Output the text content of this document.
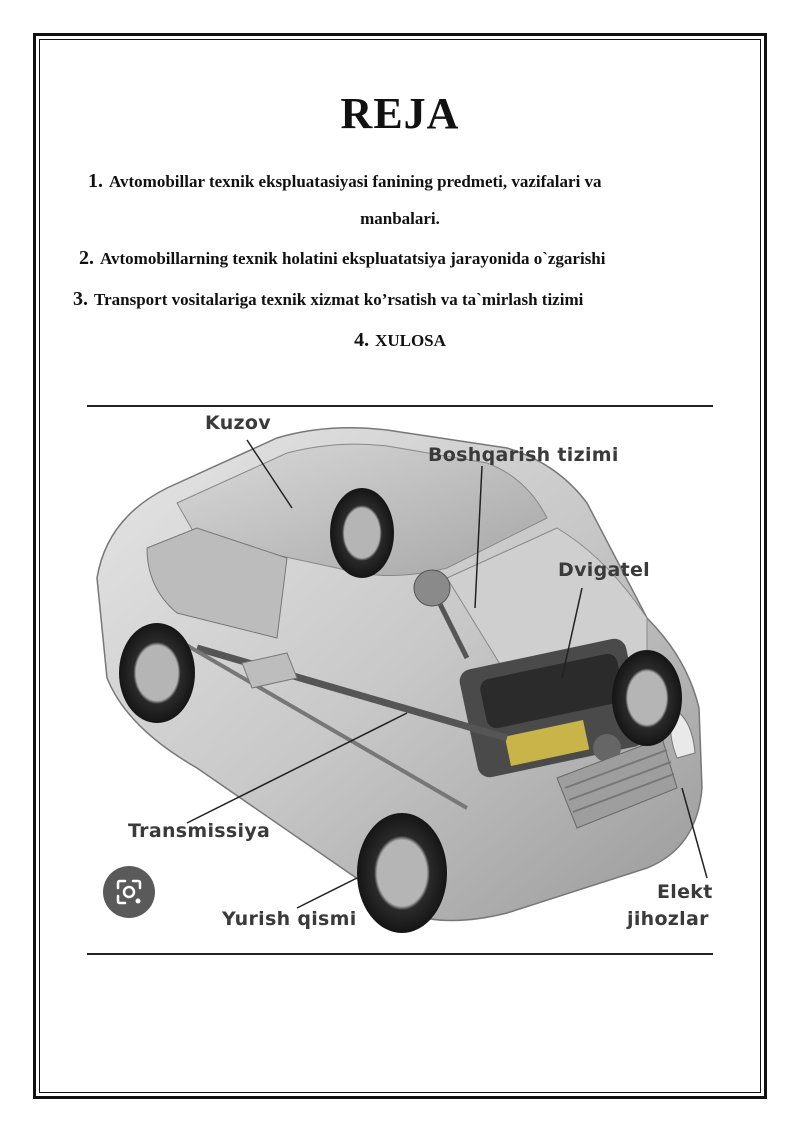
REJA
1. Avtomobillar texnik ekspluatasiyasi fanining predmeti, vazifalari va
manbalari.
2. Avtomobillarning texnik holatini ekspluatatsiya jarayonida o`zgarishi
3. Transport vositalariga texnik xizmat ko’rsatish va ta`mirlash tizimi
4. XULOSA
Kuzov
Boshqarish tizimi
Dvigatel
Transmissiya
Yurish qismi
Elekt
jihozlar
